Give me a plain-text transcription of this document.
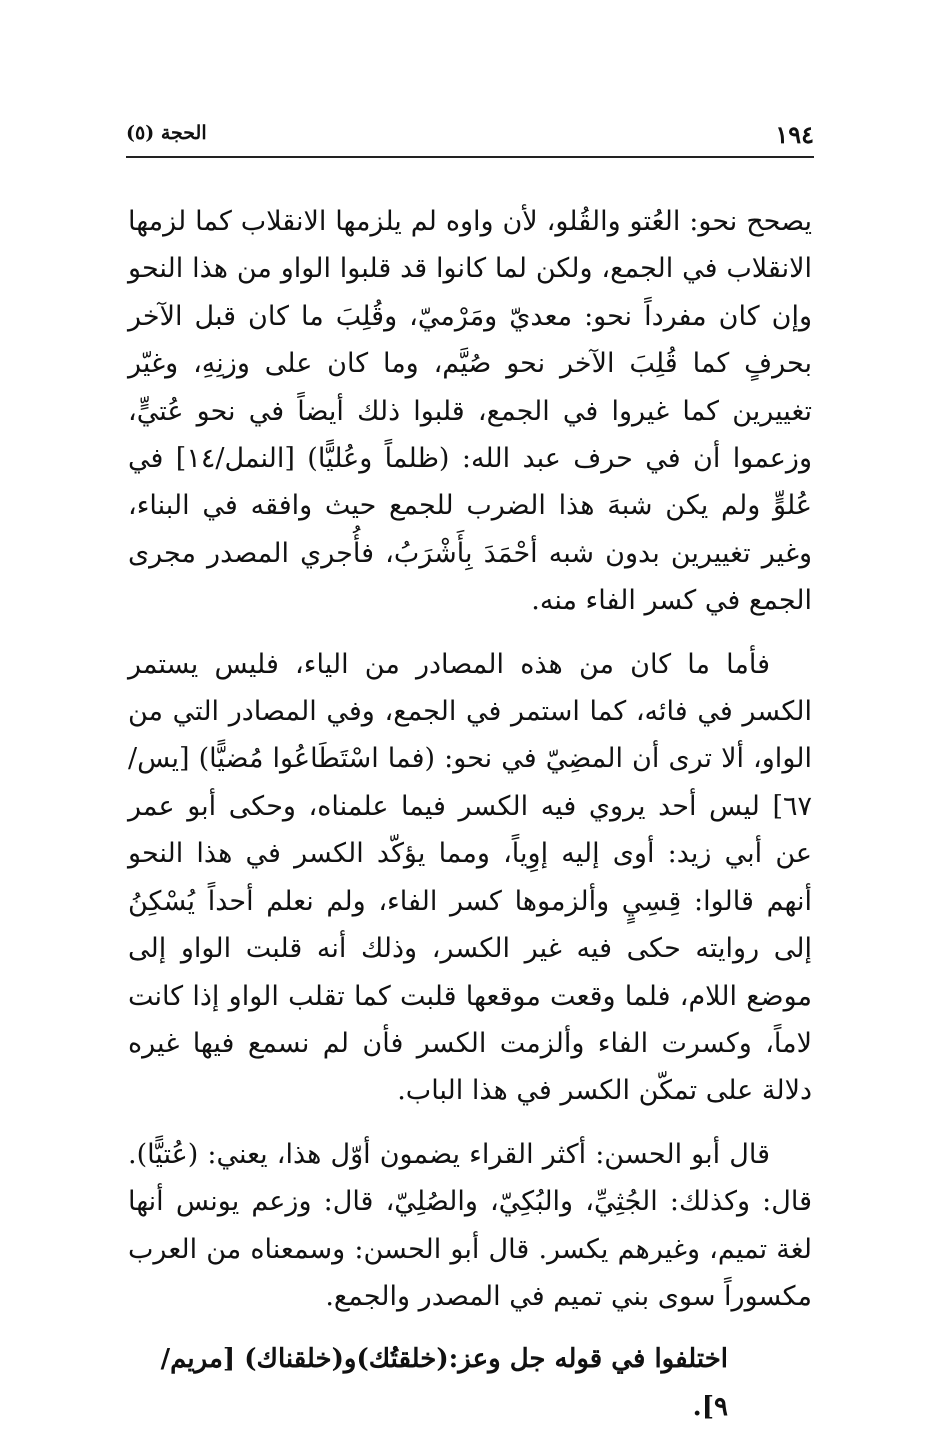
١٩٤
الحجة (٥)

يصحح نحو: العُتو والقُلو، لأن واوه لم يلزمها الانقلاب كما لزمها الانقلاب في الجمع، ولكن لما كانوا قد قلبوا الواو من هذا النحو وإن كان مفرداً نحو: معديّ ومَرْميّ، وقُلِبَ ما كان قبل الآخر بحرفٍ كما قُلِبَ الآخر نحو صُيَّم، وما كان على وزنِهِ، وغيّر تغييرين كما غيروا في الجمع، قلبوا ذلك أيضاً في نحو عُتيٍّ، وزعموا أن في حرف عبد الله: (ظلماً وعُليًّا) [النمل/١٤] في عُلوٍّ ولم يكن شبهَ هذا الضرب للجمع حيث وافقه في البناء، وغير تغييرين بدون شبه أحْمَدَ بِأَشْرَبُ، فأُجري المصدر مجرى الجمع في كسر الفاء منه.

فأما ما كان من هذه المصادر من الياء، فليس يستمر الكسر في فائه، كما استمر في الجمع، وفي المصادر التي من الواو، ألا ترى أن المضِيّ في نحو: (فما اسْتَطَاعُوا مُضيًّا) [يس/٦٧] ليس أحد يروي فيه الكسر فيما علمناه، وحكى أبو عمر عن أبي زيد: أوى إليه إوِياً، ومما يؤكّد الكسر في هذا النحو أنهم قالوا: قِسِيٍ وألزموها كسر الفاء، ولم نعلم أحداً يُسْكِنُ إلى روايته حكى فيه غير الكسر، وذلك أنه قلبت الواو إلى موضع اللام، فلما وقعت موقعها قلبت كما تقلب الواو إذا كانت لاماً، وكسرت الفاء وألزمت الكسر فأن لم نسمع فيها غيره دلالة على تمكّن الكسر في هذا الباب.

قال أبو الحسن: أكثر القراء يضمون أوّل هذا، يعني: (عُتيًّا). قال: وكذلك: الجُثِيِّ، والبُكِيّ، والصُلِيّ، قال: وزعم يونس أنها لغة تميم، وغيرهم يكسر. قال أبو الحسن: وسمعناه من العرب مكسوراً سوى بني تميم في المصدر والجمع.

اختلفوا في قوله جل وعز:(خلقتُك)و(خلقناك) [مريم/٩].
